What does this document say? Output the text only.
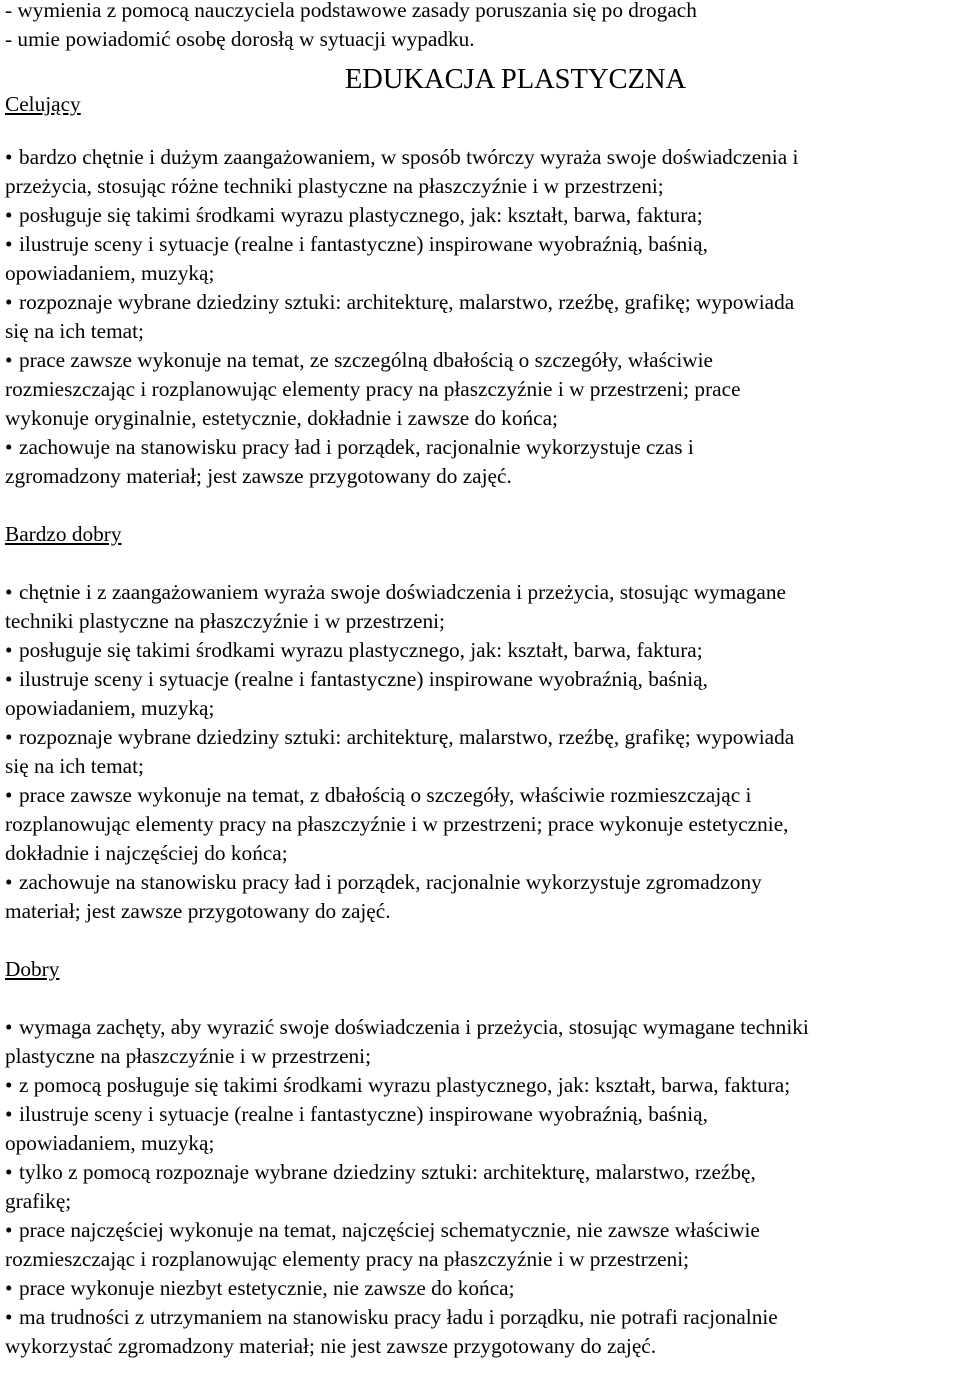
- wymienia z pomocą nauczyciela podstawowe zasady poruszania się po drogach
- umie powiadomić osobę dorosłą w sytuacji wypadku.
EDUKACJA PLASTYCZNA
Celujący
• bardzo chętnie i dużym zaangażowaniem, w sposób twórczy wyraża swoje doświadczenia i
przeżycia, stosując różne techniki plastyczne na płaszczyźnie i w przestrzeni;
• posługuje się takimi środkami wyrazu plastycznego, jak: kształt, barwa, faktura;
• ilustruje sceny i sytuacje (realne i fantastyczne) inspirowane wyobraźnią, baśnią,
opowiadaniem, muzyką;
• rozpoznaje wybrane dziedziny sztuki: architekturę, malarstwo, rzeźbę, grafikę; wypowiada
się na ich temat;
• prace zawsze wykonuje na temat, ze szczególną dbałością o szczegóły, właściwie
rozmieszczając i rozplanowując elementy pracy na płaszczyźnie i w przestrzeni; prace
wykonuje oryginalnie, estetycznie, dokładnie i zawsze do końca;
• zachowuje na stanowisku pracy ład i porządek, racjonalnie wykorzystuje czas i
zgromadzony materiał; jest zawsze przygotowany do zajęć.
Bardzo dobry
• chętnie i z zaangażowaniem wyraża swoje doświadczenia i przeżycia, stosując wymagane
techniki plastyczne na płaszczyźnie i w przestrzeni;
• posługuje się takimi środkami wyrazu plastycznego, jak: kształt, barwa, faktura;
• ilustruje sceny i sytuacje (realne i fantastyczne) inspirowane wyobraźnią, baśnią,
opowiadaniem, muzyką;
• rozpoznaje wybrane dziedziny sztuki: architekturę, malarstwo, rzeźbę, grafikę; wypowiada
się na ich temat;
• prace zawsze wykonuje na temat, z dbałością o szczegóły, właściwie rozmieszczając i
rozplanowując elementy pracy na płaszczyźnie i w przestrzeni; prace wykonuje estetycznie,
dokładnie i najczęściej do końca;
• zachowuje na stanowisku pracy ład i porządek, racjonalnie wykorzystuje zgromadzony
materiał; jest zawsze przygotowany do zajęć.
Dobry
• wymaga zachęty, aby wyrazić swoje doświadczenia i przeżycia, stosując wymagane techniki
plastyczne na płaszczyźnie i w przestrzeni;
• z pomocą posługuje się takimi środkami wyrazu plastycznego, jak: kształt, barwa, faktura;
• ilustruje sceny i sytuacje (realne i fantastyczne) inspirowane wyobraźnią, baśnią,
opowiadaniem, muzyką;
• tylko z pomocą rozpoznaje wybrane dziedziny sztuki: architekturę, malarstwo, rzeźbę,
grafikę;
• prace najczęściej wykonuje na temat, najczęściej schematycznie, nie zawsze właściwie
rozmieszczając i rozplanowując elementy pracy na płaszczyźnie i w przestrzeni;
• prace wykonuje niezbyt estetycznie, nie zawsze do końca;
• ma trudności z utrzymaniem na stanowisku pracy ładu i porządku, nie potrafi racjonalnie
wykorzystać zgromadzony materiał; nie jest zawsze przygotowany do zajęć.
